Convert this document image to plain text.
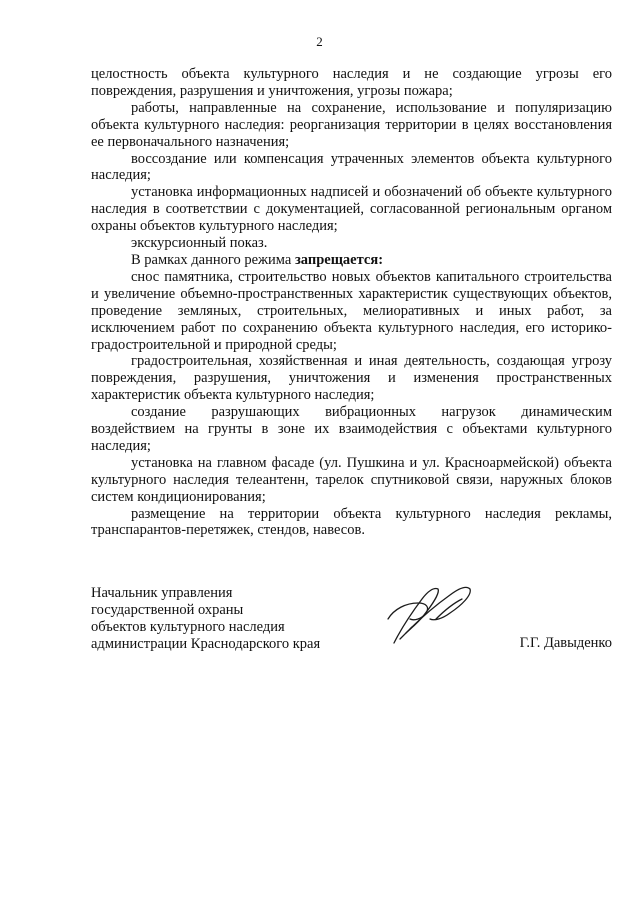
2

целостность объекта культурного наследия и не создающие угрозы его повреждения, разрушения и уничтожения, угрозы пожара;

работы, направленные на сохранение, использование и популяризацию объекта культурного наследия: реорганизация территории в целях восстановления ее первоначального назначения;

воссоздание или компенсация утраченных элементов объекта культурного наследия;

установка информационных надписей и обозначений об объекте культурного наследия в соответствии с документацией, согласованной региональным органом охраны объектов культурного наследия;

экскурсионный показ.

В рамках данного режима запрещается:

снос памятника, строительство новых объектов капитального строительства и увеличение объемно-пространственных характеристик существующих объектов, проведение земляных, строительных, мелиоративных и иных работ, за исключением работ по сохранению объекта культурного наследия, его историко-градостроительной и природной среды;

градостроительная, хозяйственная и иная деятельность, создающая угрозу повреждения, разрушения, уничтожения и изменения пространственных характеристик объекта культурного наследия;

создание разрушающих вибрационных нагрузок динамическим воздействием на грунты в зоне их взаимодействия с объектами культурного наследия;

установка на главном фасаде (ул. Пушкина и ул. Красноармейской) объекта культурного наследия телеантенн, тарелок спутниковой связи, наружных блоков систем кондиционирования;

размещение на территории объекта культурного наследия рекламы, транспарантов-перетяжек, стендов, навесов.

Начальник управления
государственной охраны
объектов культурного наследия
администрации Краснодарского края	Г.Г. Давыденко
